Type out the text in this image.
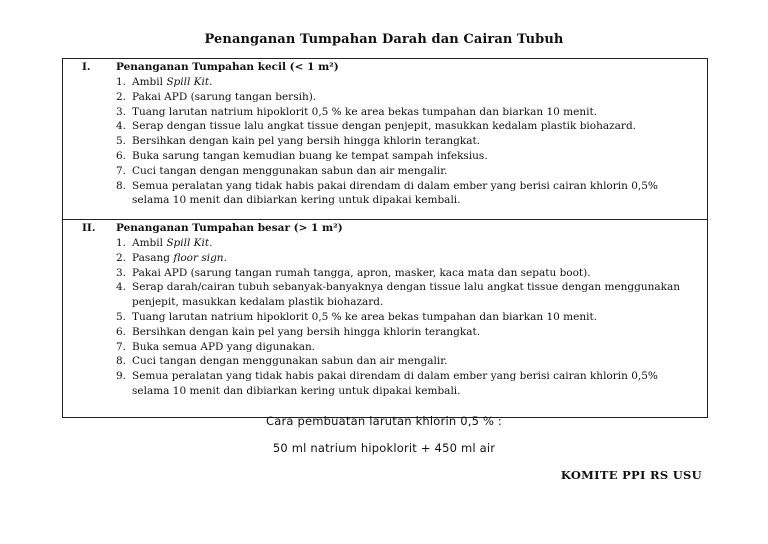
Penanganan Tumpahan Darah dan Cairan Tubuh
I. Penanganan Tumpahan kecil (< 1 m²)
1. Ambil Spill Kit.
2. Pakai APD (sarung tangan bersih).
3. Tuang larutan natrium hipoklorit 0,5 % ke area bekas tumpahan dan biarkan 10 menit.
4. Serap dengan tissue lalu angkat tissue dengan penjepit, masukkan kedalam plastik biohazard.
5. Bersihkan dengan kain pel yang bersih hingga khlorin terangkat.
6. Buka sarung tangan kemudian buang ke tempat sampah infeksius.
7. Cuci tangan dengan menggunakan sabun dan air mengalir.
8. Semua peralatan yang tidak habis pakai direndam di dalam ember yang berisi cairan khlorin 0,5%
selama 10 menit dan dibiarkan kering untuk dipakai kembali.
II. Penanganan Tumpahan besar (> 1 m²)
1. Ambil Spill Kit.
2. Pasang floor sign.
3. Pakai APD (sarung tangan rumah tangga, apron, masker, kaca mata dan sepatu boot).
4. Serap darah/cairan tubuh sebanyak-banyaknya dengan tissue lalu angkat tissue dengan menggunakan
penjepit, masukkan kedalam plastik biohazard.
5. Tuang larutan natrium hipoklorit 0,5 % ke area bekas tumpahan dan biarkan 10 menit.
6. Bersihkan dengan kain pel yang bersih hingga khlorin terangkat.
7. Buka semua APD yang digunakan.
8. Cuci tangan dengan menggunakan sabun dan air mengalir.
9. Semua peralatan yang tidak habis pakai direndam di dalam ember yang berisi cairan khlorin 0,5%
selama 10 menit dan dibiarkan kering untuk dipakai kembali.
Cara pembuatan larutan khlorin 0,5 % :
50 ml natrium hipoklorit + 450 ml air
KOMITE PPI RS USU
